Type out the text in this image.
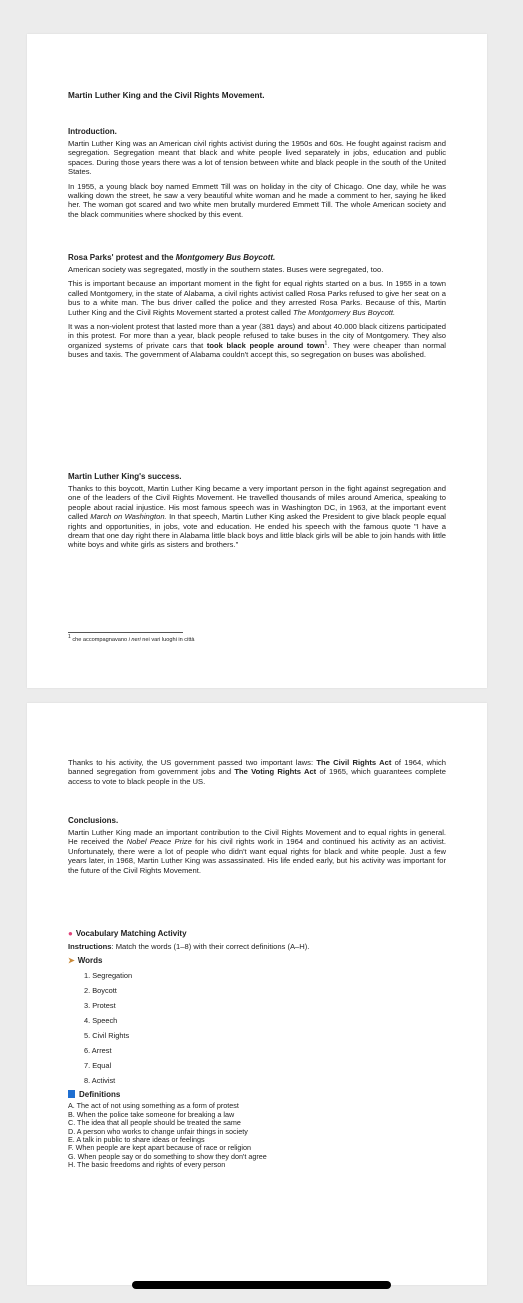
Martin Luther King and the Civil Rights Movement.
Introduction.

Martin Luther King was an American civil rights activist during the 1950s and 60s. He fought against racism and segregation. Segregation meant that black and white people lived separately in jobs, education and public spaces. During those years there was a lot of tension between white and black people in the south of the United States.

In 1955, a young black boy named Emmett Till was on holiday in the city of Chicago. One day, while he was walking down the street, he saw a very beautiful white woman and he made a comment to her, saying he liked her. The woman got scared and two white men brutally murdered Emmett Till. The whole American society and the black communities where shocked by this event.

Rosa Parks' protest and the Montgomery Bus Boycott.

American society was segregated, mostly in the southern states. Buses were segregated, too.

This is important because an important moment in the fight for equal rights started on a bus. In 1955 in a town called Montgomery, in the state of Alabama, a civil rights activist called Rosa Parks refused to give her seat on a bus to a white man. The bus driver called the police and they arrested Rosa Parks. Because of this, Martin Luther King and the Civil Rights Movement started a protest called The Montgomery Bus Boycott.

It was a non-violent protest that lasted more than a year (381 days) and about 40.000 black citizens participated in this protest. For more than a year, black people refused to take buses in the city of Montgomery. They also organized systems of private cars that took black people around town$^1$. They were cheaper than normal buses and taxis. The government of Alabama couldn't accept this, so segregation on buses was abolished.

Martin Luther King's success.

Thanks to this boycott, Martin Luther King became a very important person in the fight against segregation and one of the leaders of the Civil Rights Movement. He travelled thousands of miles around America, speaking to people about racial injustice. His most famous speech was in Washington DC, in 1963, at the important event called March on Washington. In that speech, Martin Luther King asked the President to give black people equal rights and opportunities, in jobs, vote and education. He ended his speech with the famous quote "I have a dream that one day right there in Alabama little black boys and little black girls will be able to join hands with little white boys and white girls as sisters and brothers."

$^1$ che accompagnavano i neri nei vari luoghi in città

Thanks to his activity, the US government passed two important laws: The Civil Rights Act of 1964, which banned segregation from government jobs and The Voting Rights Act of 1965, which guarantees complete access to vote to black people in the US.

Conclusions.

Martin Luther King made an important contribution to the Civil Rights Movement and to equal rights in general. He received the Nobel Peace Prize for his civil rights work in 1964 and continued his activity as an activist. Unfortunately, there were a lot of people who didn't want equal rights for black and white people. Just a few years later, in 1968, Martin Luther King was assassinated. His life ended early, but his activity was important for the future of the Civil Rights Movement.

● Vocabulary Matching Activity

Instructions: Match the words (1–8) with their correct definitions (A–H).

➤ Words
1. Segregation
2. Boycott
3. Protest
4. Speech
5. Civil Rights
6. Arrest
7. Equal
8. Activist
Definitions
A. The act of not using something as a form of protest
B. When the police take someone for breaking a law
C. The idea that all people should be treated the same
D. A person who works to change unfair things in society
E. A talk in public to share ideas or feelings
F. When people are kept apart because of race or religion
G. When people say or do something to show they don't agree
H. The basic freedoms and rights of every person
